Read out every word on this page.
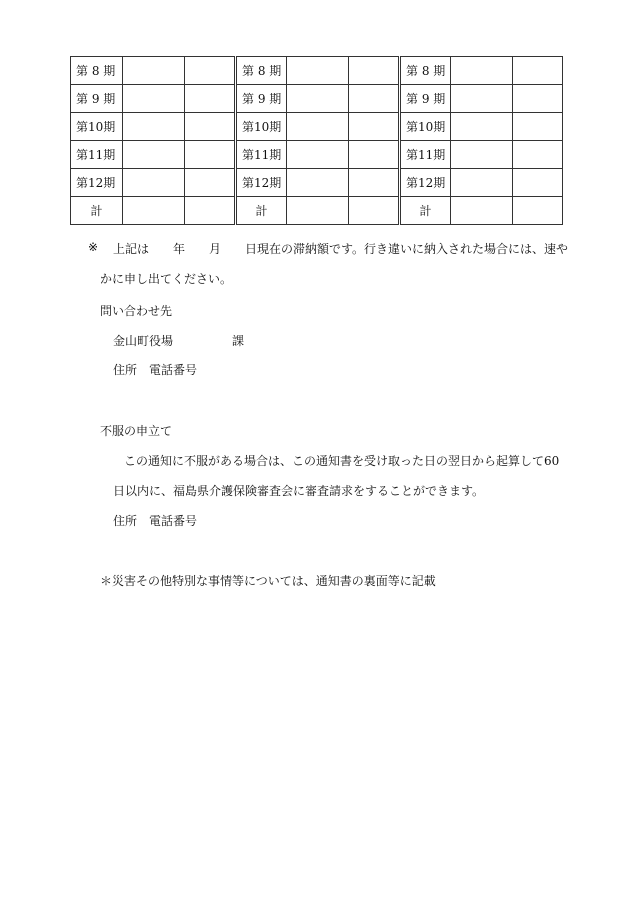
第 8 期				第 8 期				第 8 期		
第 9 期				第 9 期				第 9 期		
第10期				第10期				第10期		
第11期				第11期				第11期		
第12期				第12期				第12期		
計				計				計		
※ 上記は　　年　　月　　日現在の滞納額です。行き違いに納入された場合には、速や
かに申し出てください。
問い合わせ先
金山町役場	課
住所　電話番号
不服の申立て
この通知に不服がある場合は、この通知書を受け取った日の翌日から起算して60
日以内に、福島県介護保険審査会に審査請求をすることができます。
住所　電話番号
＊災害その他特別な事情等については、通知書の裏面等に記載
